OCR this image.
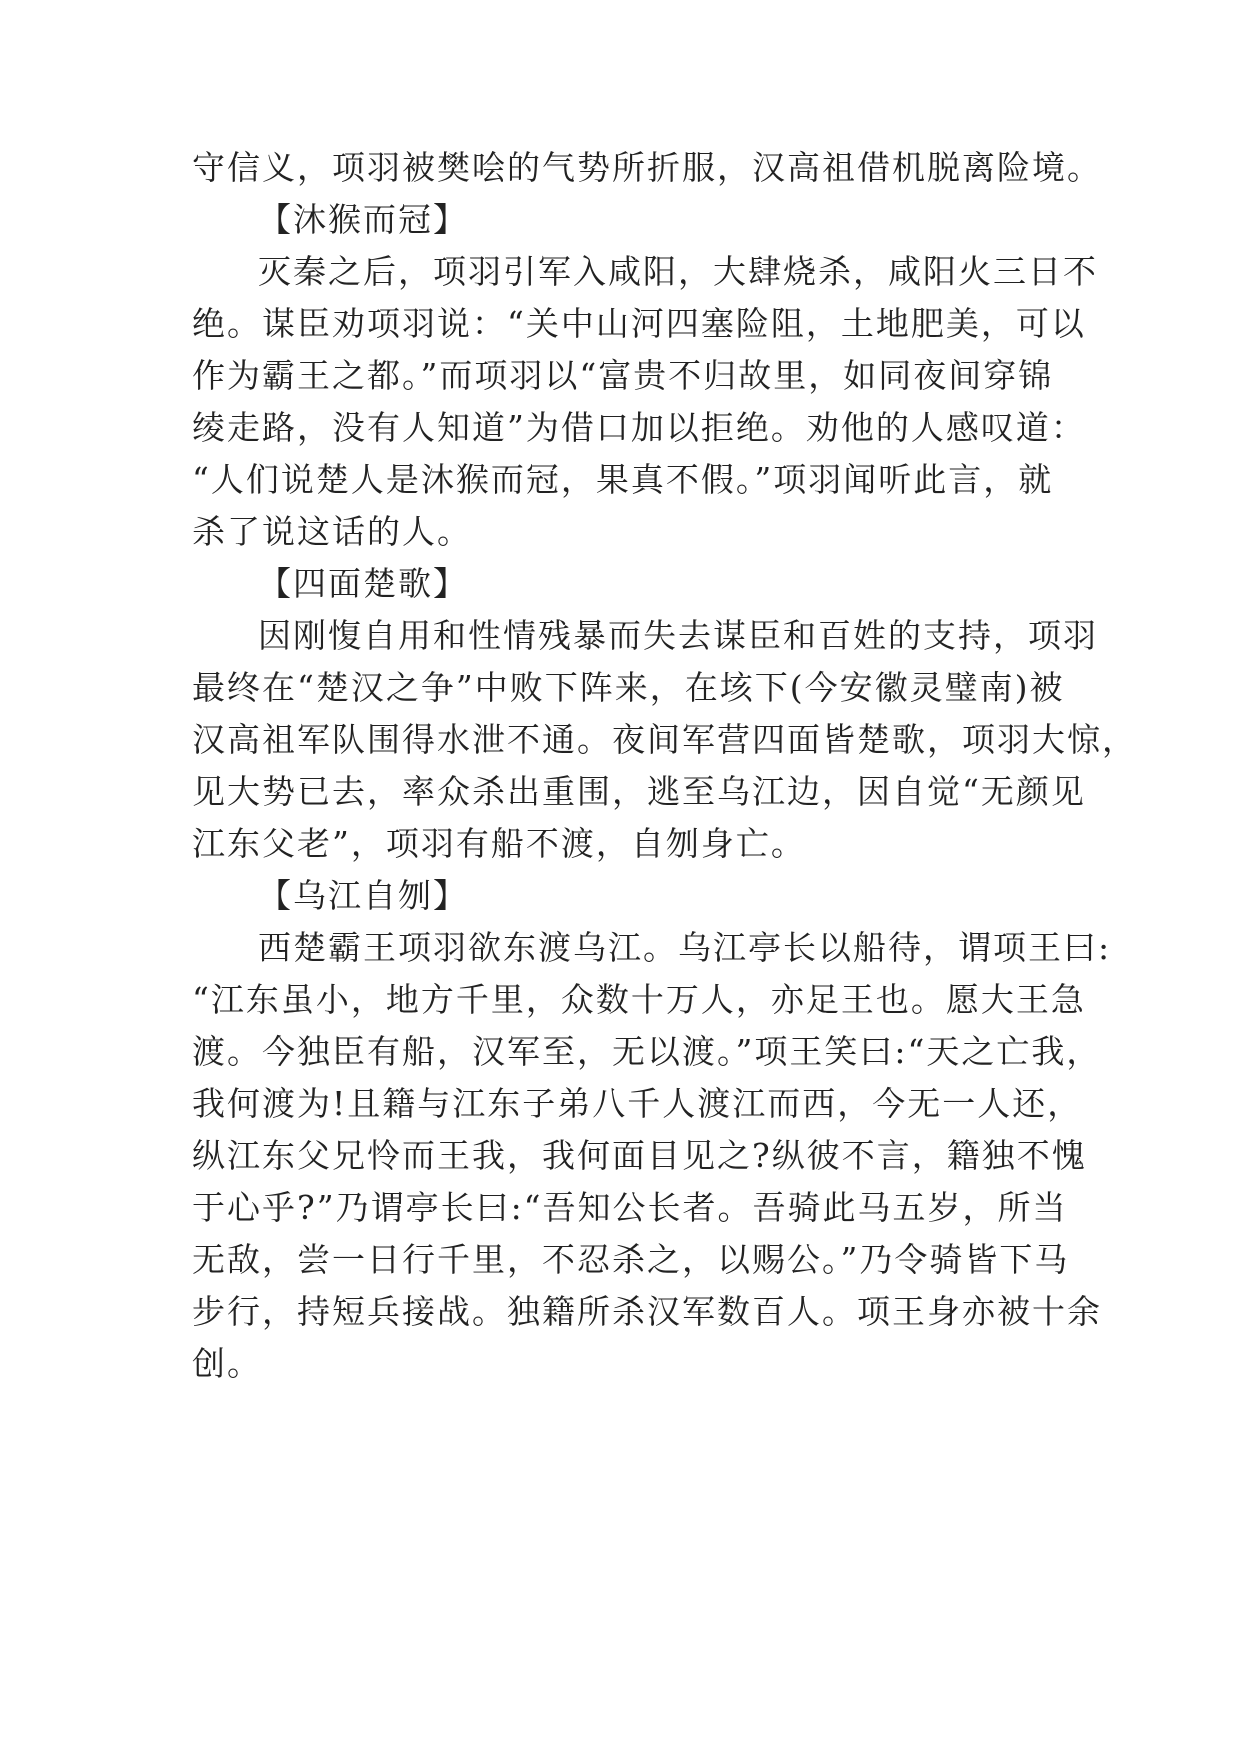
守信义，项羽被樊哙的气势所折服，汉高祖借机脱离险境。
【沐猴而冠】
灭秦之后，项羽引军入咸阳，大肆烧杀，咸阳火三日不
绝。谋臣劝项羽说：“关中山河四塞险阻，土地肥美，可以
作为霸王之都。”而项羽以“富贵不归故里，如同夜间穿锦
绫走路，没有人知道”为借口加以拒绝。劝他的人感叹道：
“人们说楚人是沐猴而冠，果真不假。”项羽闻听此言，就
杀了说这话的人。
【四面楚歌】
因刚愎自用和性情残暴而失去谋臣和百姓的支持，项羽
最终在“楚汉之争”中败下阵来，在垓下(今安徽灵璧南)被
汉高祖军队围得水泄不通。夜间军营四面皆楚歌，项羽大惊，
见大势已去，率众杀出重围，逃至乌江边，因自觉“无颜见
江东父老”，项羽有船不渡，自刎身亡。
【乌江自刎】
西楚霸王项羽欲东渡乌江。乌江亭长以船待，谓项王曰:
“江东虽小，地方千里，众数十万人，亦足王也。愿大王急
渡。今独臣有船，汉军至，无以渡。”项王笑曰:“天之亡我，
我何渡为!且籍与江东子弟八千人渡江而西，今无一人还，
纵江东父兄怜而王我，我何面目见之?纵彼不言，籍独不愧
于心乎?”乃谓亭长曰:“吾知公长者。吾骑此马五岁，所当
无敌，尝一日行千里，不忍杀之，以赐公。”乃令骑皆下马
步行，持短兵接战。独籍所杀汉军数百人。项王身亦被十余
创。
